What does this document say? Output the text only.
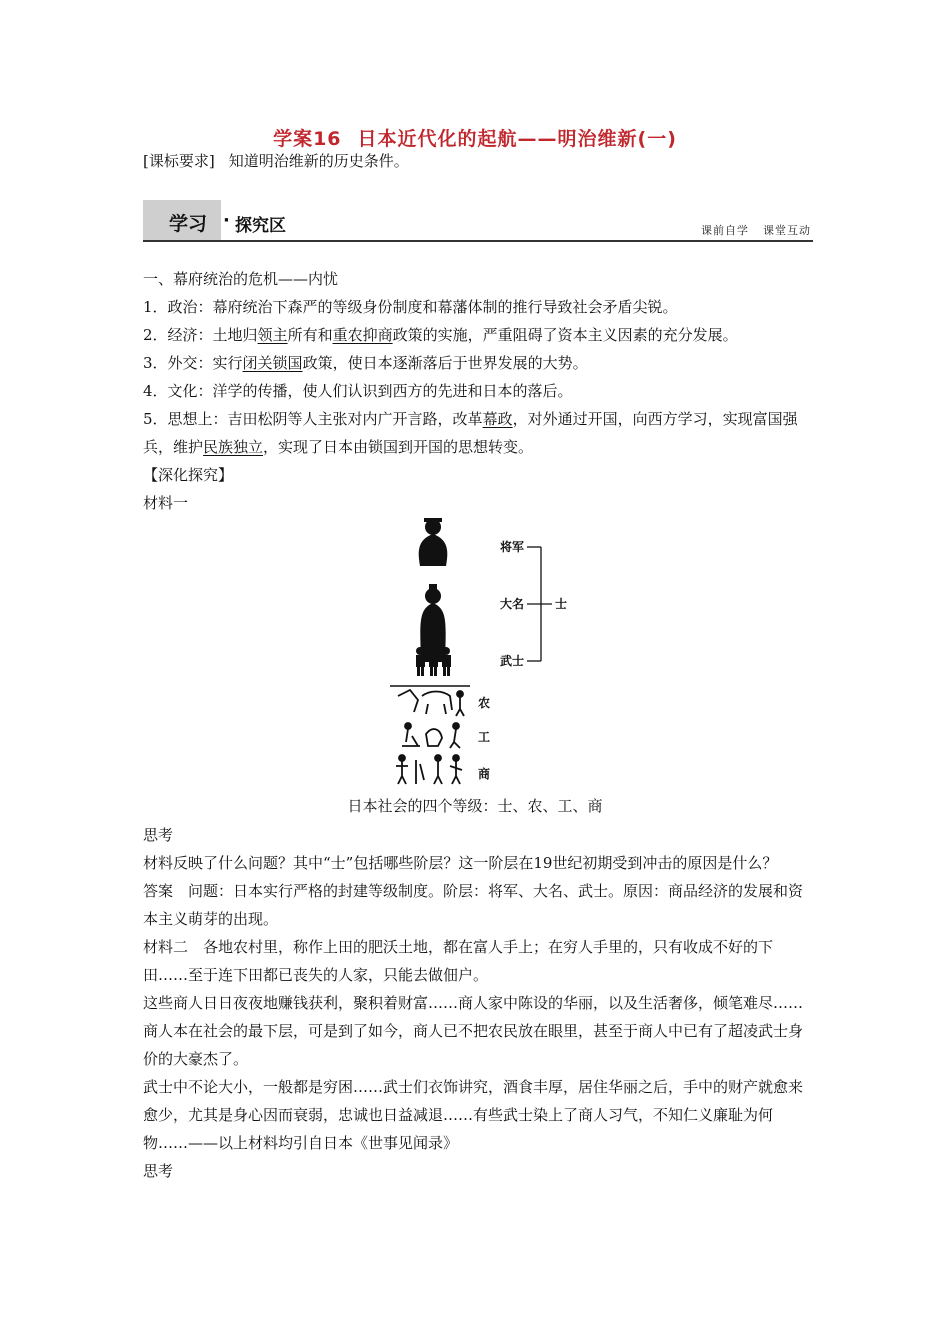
学案16 日本近代化的起航——明治维新(一)
[课标要求] 知道明治维新的历史条件。
学习 · 探究区	课前自学 课堂互动

一、幕府统治的危机——内忧

1．政治：幕府统治下森严的等级身份制度和幕藩体制的推行导致社会矛盾尖锐。

2．经济：土地归领主所有和重农抑商政策的实施，严重阻碍了资本主义因素的充分发展。

3．外交：实行闭关锁国政策，使日本逐渐落后于世界发展的大势。

4．文化：洋学的传播，使人们认识到西方的先进和日本的落后。

5．思想上：吉田松阴等人主张对内广开言路，改革幕政，对外通过开国，向西方学习，实现富国强兵，维护民族独立，实现了日本由锁国到开国的思想转变。

【深化探究】

材料一

将军
大名
武士
士
农
工
商
日本社会的四个等级：士、农、工、商

思考

材料反映了什么问题？其中“士”包括哪些阶层？这一阶层在19世纪初期受到冲击的原因是什么？

答案　问题：日本实行严格的封建等级制度。阶层：将军、大名、武士。原因：商品经济的发展和资本主义萌芽的出现。

材料二　各地农村里，称作上田的肥沃土地，都在富人手上；在穷人手里的，只有收成不好的下田……至于连下田都已丧失的人家，只能去做佃户。

这些商人日日夜夜地赚钱获利，聚积着财富……商人家中陈设的华丽，以及生活奢侈，倾笔难尽……商人本在社会的最下层，可是到了如今，商人已不把农民放在眼里，甚至于商人中已有了超凌武士身价的大豪杰了。

武士中不论大小，一般都是穷困……武士们衣饰讲究，酒食丰厚，居住华丽之后，手中的财产就愈来愈少，尤其是身心因而衰弱，忠诚也日益减退……有些武士染上了商人习气，不知仁义廉耻为何物……——以上材料均引自日本《世事见闻录》

思考
